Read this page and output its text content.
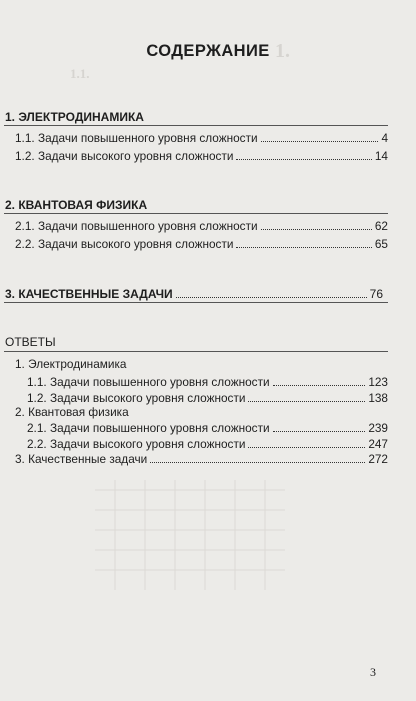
1.
1.1.
СОДЕРЖАНИЕ
1. ЭЛЕКТРОДИНАМИКА
1.1. Задачи повышенного уровня сложности	4
1.2. Задачи высокого уровня сложности	14
2. КВАНТОВАЯ ФИЗИКА
2.1. Задачи повышенного уровня сложности	62
2.2. Задачи высокого уровня сложности	65
3. КАЧЕСТВЕННЫЕ ЗАДАЧИ	76
ОТВЕТЫ
1. Электродинамика
1.1. Задачи повышенного уровня сложности	123
1.2. Задачи высокого уровня сложности	138
2. Квантовая физика
2.1. Задачи повышенного уровня сложности	239
2.2. Задачи высокого уровня сложности	247
3. Качественные задачи	272
3
